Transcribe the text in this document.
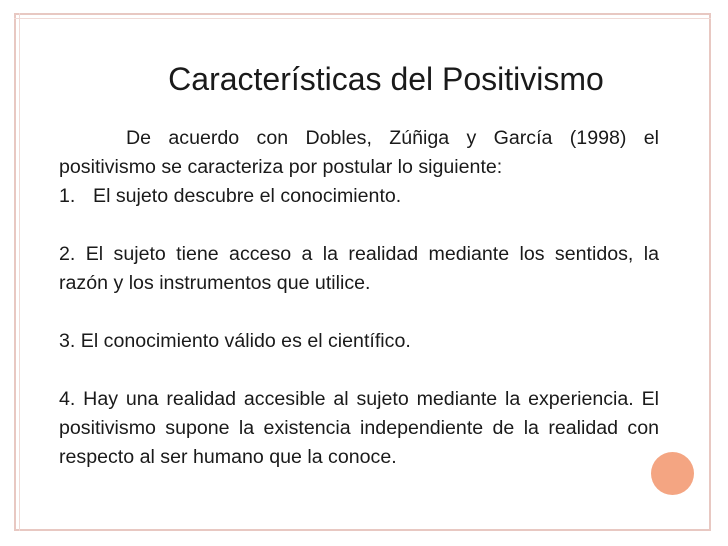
Características del Positivismo

De acuerdo con Dobles, Zúñiga y García (1998) el positivismo se caracteriza por postular lo siguiente:

1. El sujeto descubre el conocimiento.

2. El sujeto tiene acceso a la realidad mediante los sentidos, la razón y los instrumentos que utilice.

3. El conocimiento válido es el científico.

4. Hay una realidad accesible al sujeto mediante la experiencia. El positivismo supone la existencia independiente de la realidad con respecto al ser humano que la conoce.
